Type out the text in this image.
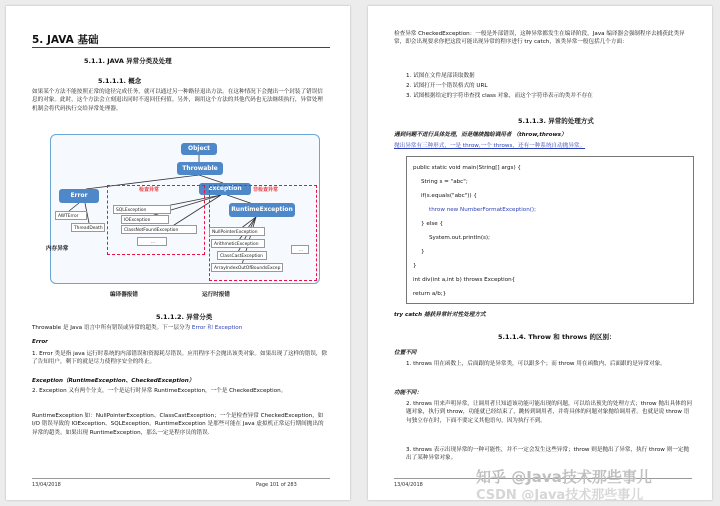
5. JAVA 基础
5.1.1. JAVA 异常分类及处理
5.1.1.1. 概念
如果某个方法不能按照正常的途径完成任务，就可以通过另一种路径退出方法。在这种情况下会抛出一个封装了错误信息的对象。此时，这个方法会立刻退出同时不返回任何值。另外，调用这个方法的其他代码也无法继续执行，异常处理机制会将代码执行交给异常处理器。
Object
Throwable
Error
Exception
AWTError
ThreadDeath
检查异常
SQLException
IOException
ClassNotFoundException
…
非检查异常
RuntimeException
NullPointerException
ArithmeticException
ClassCastException
ArrayIndexOutOfBoundsExcep
…
内存异常
编译器报错	运行时报错
5.1.1.2. 异常分类
Throwable 是 Java 语言中所有错误或异常的超类。下一层分为 Error 和 Exception
Error
1. Error 类是指 java 运行时系统的内部错误和资源耗尽错误。应用程序不会抛出该类对象。如果出现了这样的错误，除了告知用户，剩下的就是尽力使程序安全的终止。
Exception（RuntimeException、CheckedException）
2. Exception 又有两个分支，一个是运行时异常 RuntimeException，一个是 CheckedException。
RuntimeException 如：NullPointerException、ClassCastException；一个是检查异常 CheckedException，如 I/O 错误导致的 IOException、SQLException。RuntimeException 是那些可能在 Java 虚拟机正常运行期间抛出的异常的超类。如果出现 RuntimeException，那么一定是程序员的错误.
13/04/2018	Page 101 of 283
检查异常 CheckedException：一般是外部错误，这种异常都发生在编译阶段，Java 编译器会强制程序去捕获此类异常，即会出现要求你把这段可能出现异常的程序进行 try catch，该类异常一般包括几个方面：
1. 试图在文件尾部读取数据
2. 试图打开一个错误格式的 URL
3. 试图根据给定的字符串查找 class 对象，而这个字符串表示的类并不存在
5.1.1.3. 异常的处理方式
遇到问题不进行具体处理，而是继续抛给调用者 （throw,throws）
抛出异常有三种形式，一是 throw,一个 throws，还有一种系统自动抛异常。
public static void main(String[] args) {
String s = "abc";
if(s.equals("abc")) {
throw new NumberFormatException();
} else {
System.out.println(s);
}
}
int div(int a,int b) throws Exception{
return a/b;}
try catch 捕获异常针对性处理方式
5.1.1.4. Throw 和 throws 的区别：
位置不同
1. throws 用在函数上，后面跟的是异常类，可以跟多个；而 throw 用在函数内，后面跟的是异常对象。
功能不同：
2. throws 用来声明异常，让调用者只知道该功能可能出现的问题，可以给出预先的处理方式；throw 抛出具体的问题对象，执行到 throw，功能就已经结束了，跳转到调用者，并将具体的问题对象抛给调用者。也就是说 throw 语句独立存在时，下面不要定义其他语句，因为执行不到。
3. throws 表示出现异常的一种可能性，并不一定会发生这些异常；throw 则是抛出了异常，执行 throw 则一定抛出了某种异常对象。
13/04/2018	知乎 @Java技术那些事儿
CSDN @Java技术那些事儿
